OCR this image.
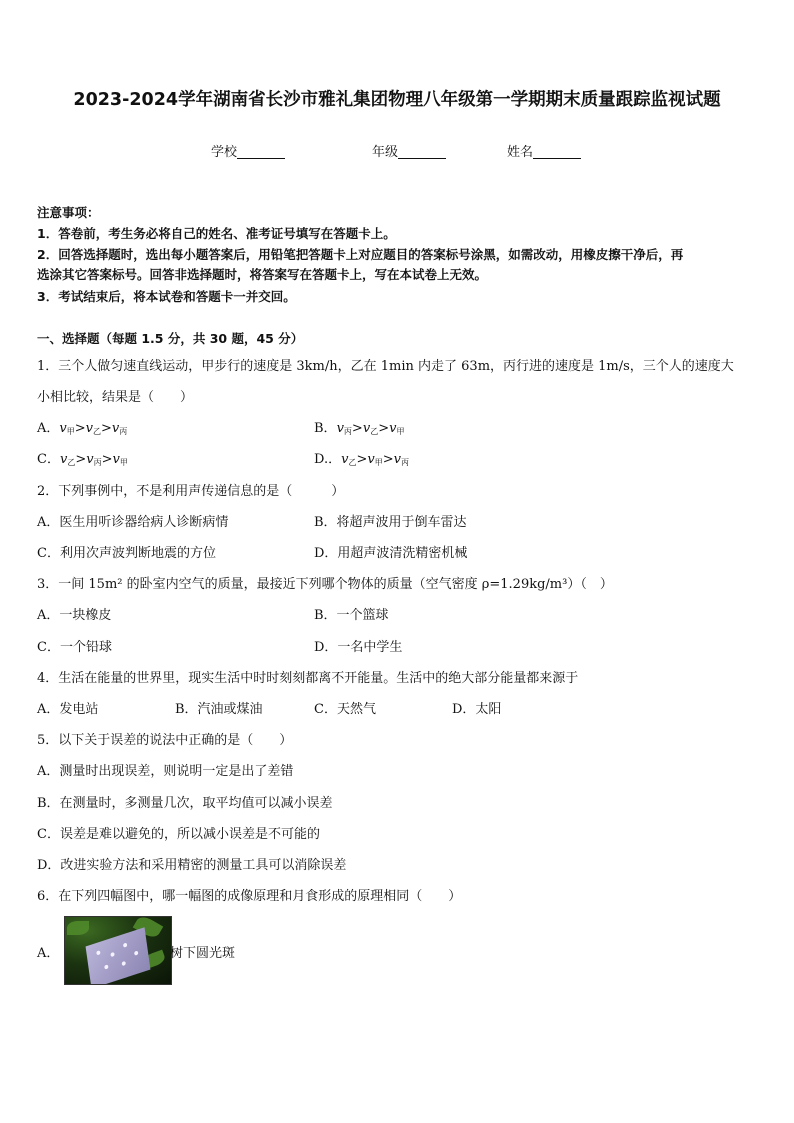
2023-2024学年湖南省长沙市雅礼集团物理八年级第一学期期末质量跟踪监视试题
学校	年级	姓名
注意事项：
1．答卷前，考生务必将自己的姓名、准考证号填写在答题卡上。
2．回答选择题时，选出每小题答案后，用铅笔把答题卡上对应题目的答案标号涂黑，如需改动，用橡皮擦干净后，再
选涂其它答案标号。回答非选择题时，将答案写在答题卡上，写在本试卷上无效。
3．考试结束后，将本试卷和答题卡一并交回。
一、选择题（每题 1.5 分，共 30 题，45 分）
1．三个人做匀速直线运动，甲步行的速度是 3km/h，乙在 1min 内走了 63m，丙行进的速度是 1m/s，三个人的速度大
小相比较，结果是（　　）
A．$v_甲>v_乙>v_丙$	B．$v_丙>v_乙>v_甲$
C．$v_乙>v_丙>v_甲$	D.．$v_乙>v_甲>v_丙$
2．下列事例中，不是利用声传递信息的是（　　　）
A．医生用听诊器给病人诊断病情	B．将超声波用于倒车雷达
C．利用次声波判断地震的方位	D．用超声波清洗精密机械
3．一间 15m² 的卧室内空气的质量，最接近下列哪个物体的质量（空气密度 ρ=1.29kg/m³）（　）
A．一块橡皮	B．一个篮球
C．一个铅球	D．一名中学生
4．生活在能量的世界里，现实生活中时时刻刻都离不开能量。生活中的绝大部分能量都来源于
A．发电站	B．汽油或煤油	C．天然气	D．太阳
5．以下关于误差的说法中正确的是（　　）
A．测量时出现误差，则说明一定是出了差错
B．在测量时，多测量几次，取平均值可以减小误差
C．误差是难以避免的，所以减小误差是不可能的
D．改进实验方法和采用精密的测量工具可以消除误差
6．在下列四幅图中，哪一幅图的成像原理和月食形成的原理相同（　　）
A．	树下圆光斑
